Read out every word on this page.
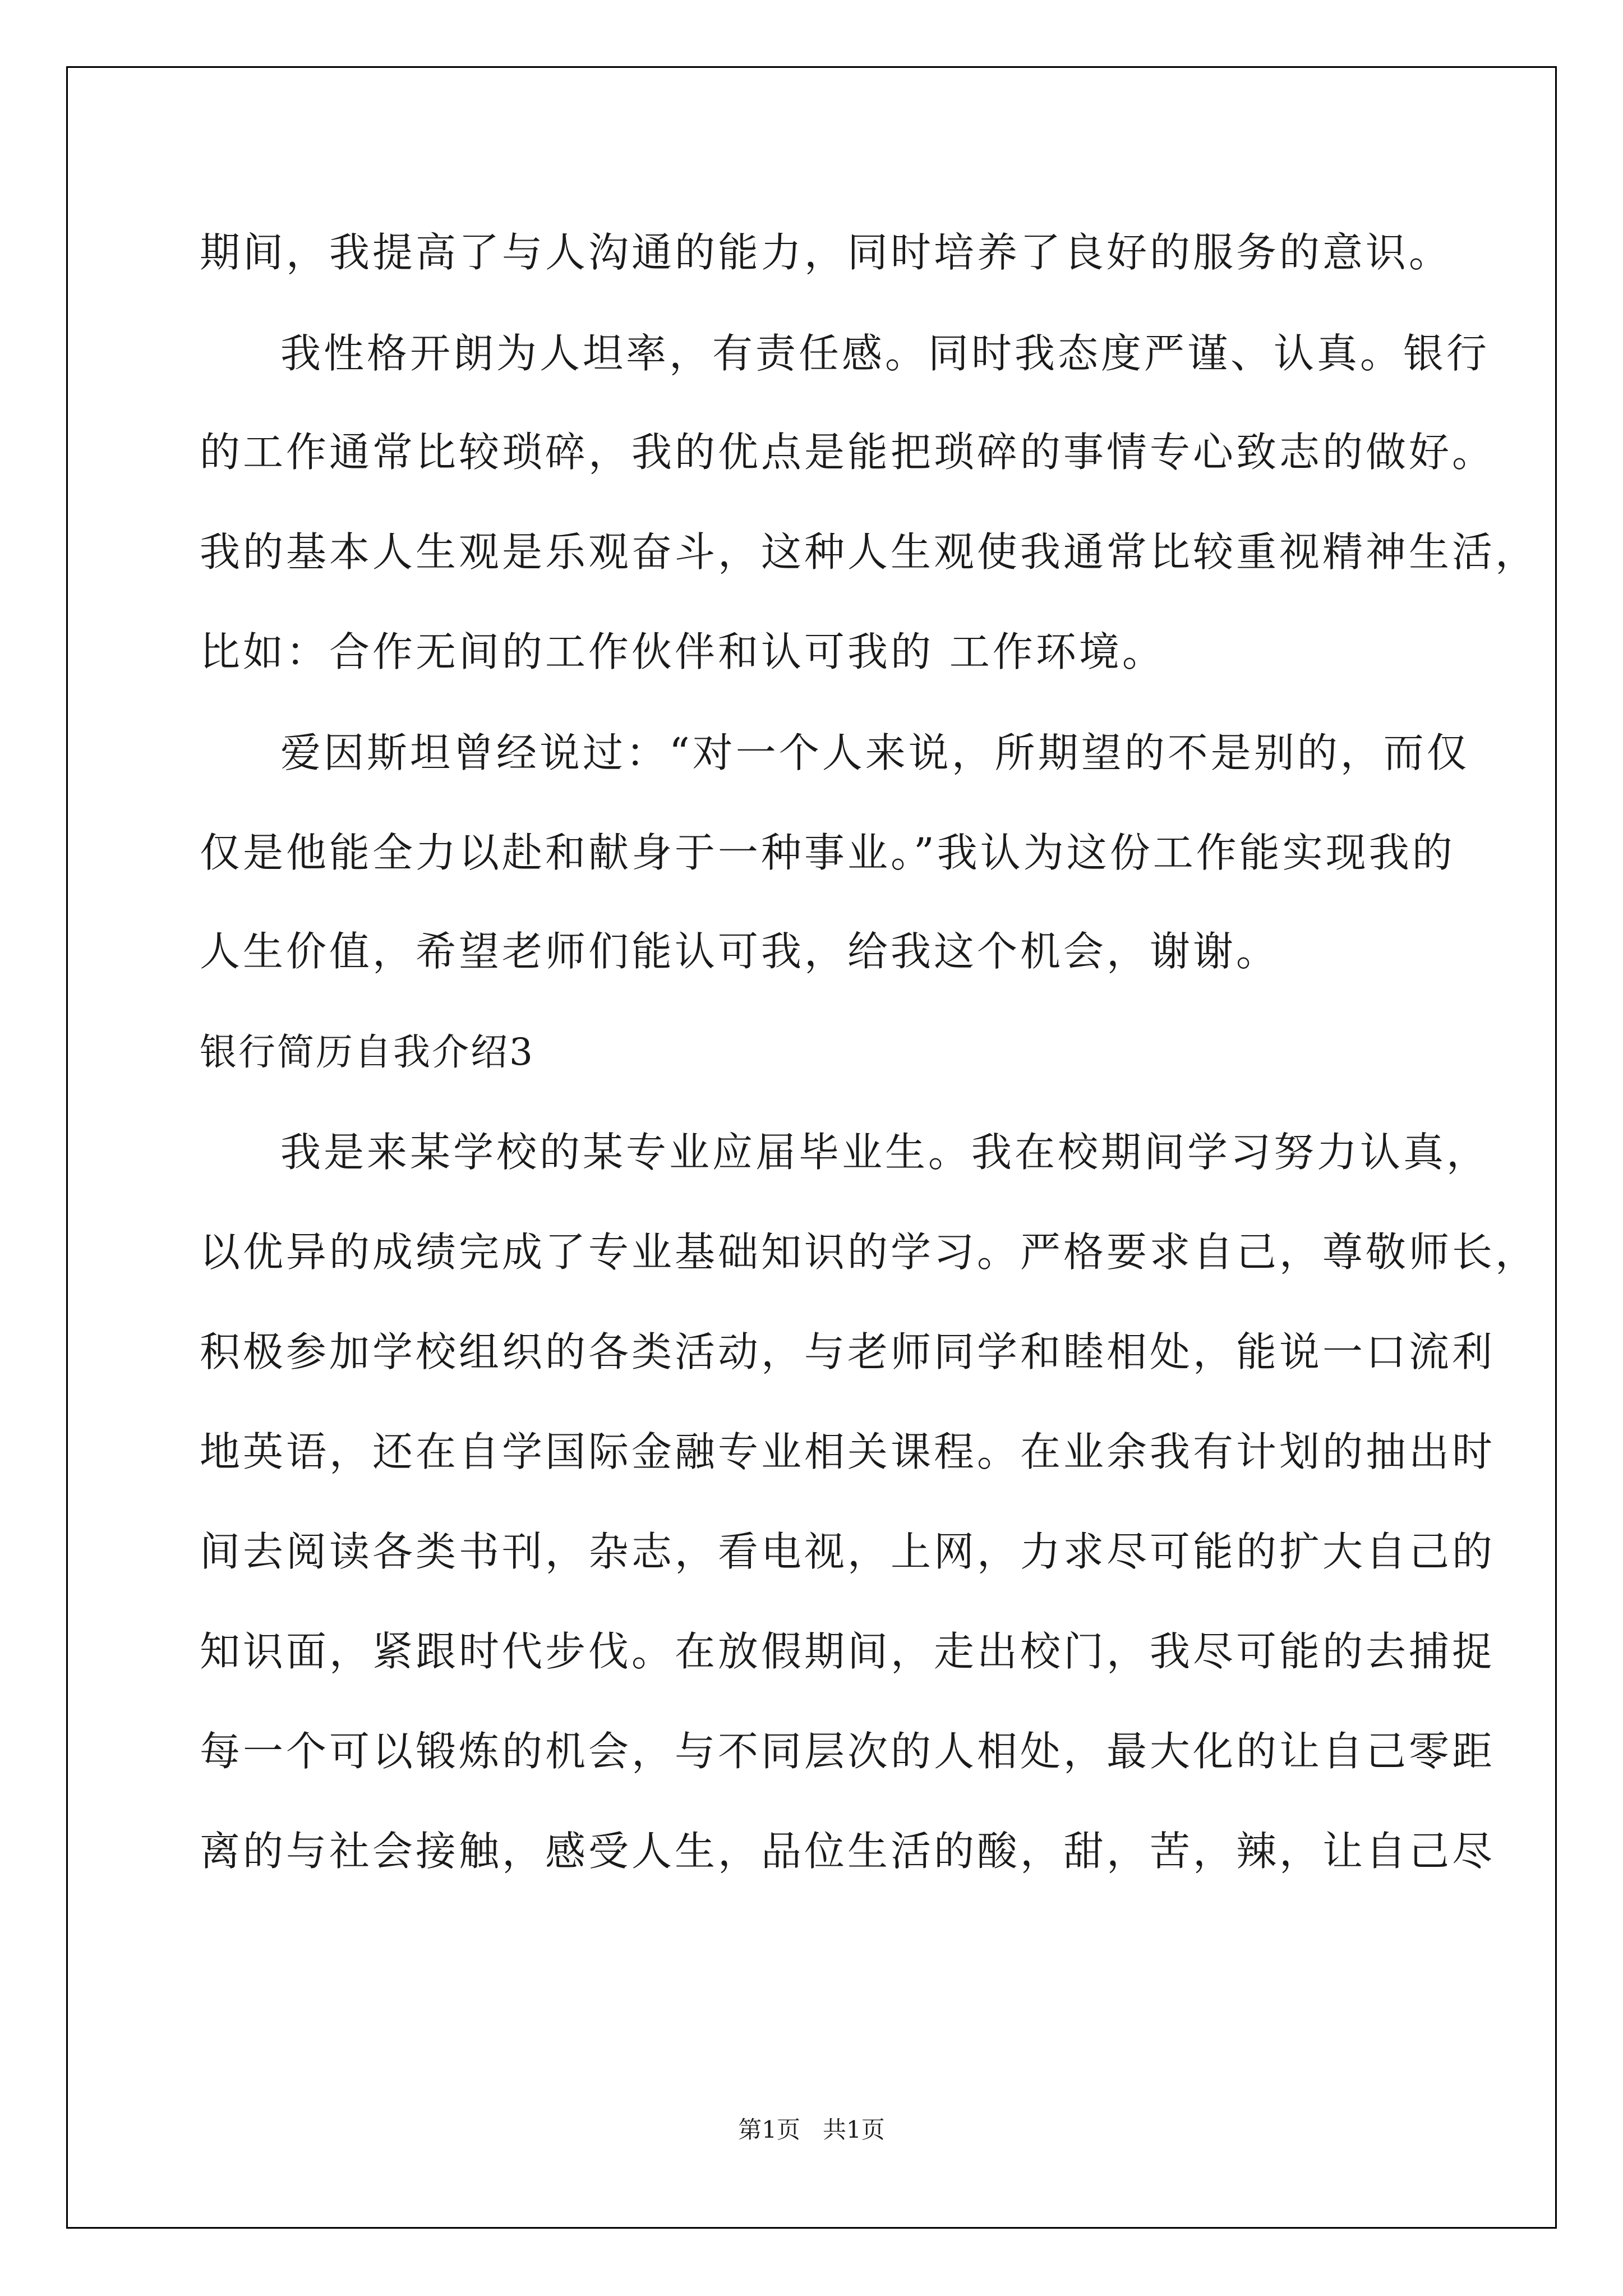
期间，我提高了与人沟通的能力，同时培养了良好的服务的意识。
我性格开朗为人坦率，有责任感。同时我态度严谨、认真。银行
的工作通常比较琐碎，我的优点是能把琐碎的事情专心致志的做好。
我的基本人生观是乐观奋斗，这种人生观使我通常比较重视精神生活，
比如：合作无间的工作伙伴和认可我的 工作环境。
爱因斯坦曾经说过：“对一个人来说，所期望的不是别的，而仅
仅是他能全力以赴和献身于一种事业。”我认为这份工作能实现我的
人生价值，希望老师们能认可我，给我这个机会，谢谢。
银行简历自我介绍3
我是来某学校的某专业应届毕业生。我在校期间学习努力认真，
以优异的成绩完成了专业基础知识的学习。严格要求自己，尊敬师长，
积极参加学校组织的各类活动，与老师同学和睦相处，能说一口流利
地英语，还在自学国际金融专业相关课程。在业余我有计划的抽出时
间去阅读各类书刊，杂志，看电视，上网，力求尽可能的扩大自己的
知识面，紧跟时代步伐。在放假期间，走出校门，我尽可能的去捕捉
每一个可以锻炼的机会，与不同层次的人相处，最大化的让自己零距
离的与社会接触，感受人生，品位生活的酸，甜，苦，辣，让自己尽
第1页   共1页
